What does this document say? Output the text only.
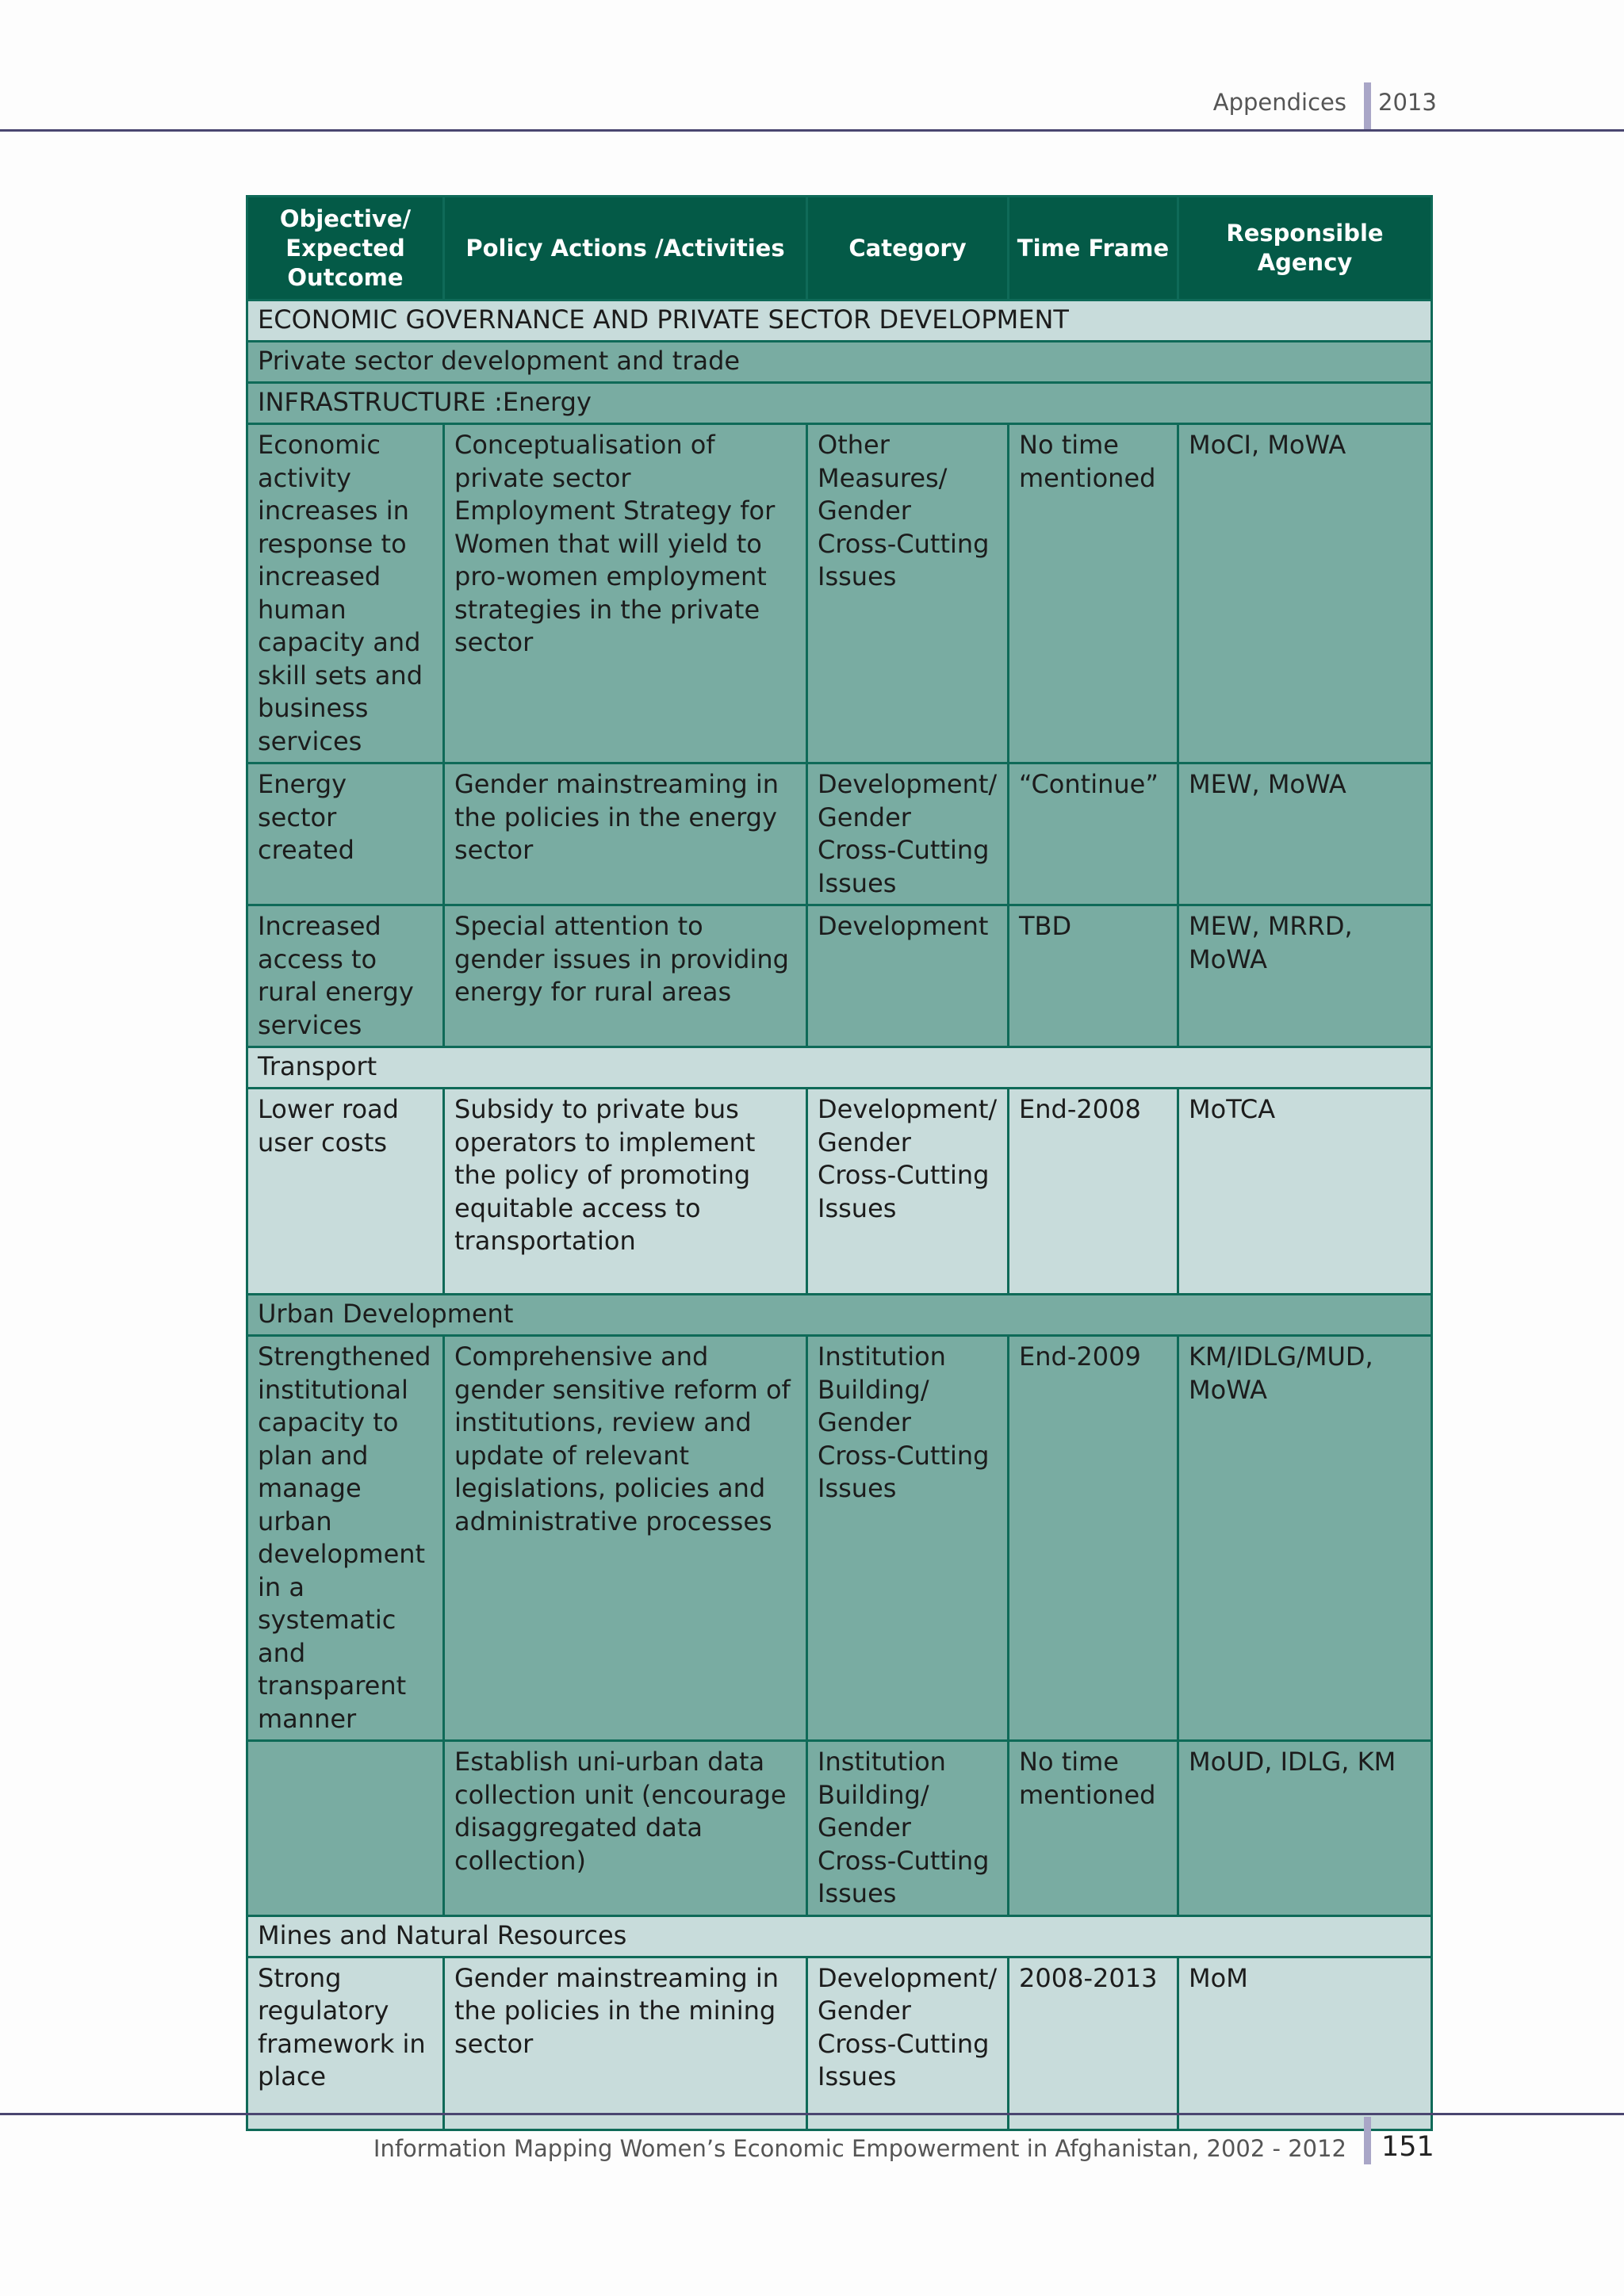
Appendices 2013
Objective/ Expected Outcome	Policy Actions /Activities	Category	Time Frame	Responsible Agency
ECONOMIC GOVERNANCE AND PRIVATE SECTOR DEVELOPMENT				
Private sector development and trade				
INFRASTRUCTURE :Energy				
Economic activity increases in response to increased human capacity and skill sets and business services	Conceptualisation of private sector Employment Strategy for Women that will yield to pro-women employment strategies in the private sector	Other Measures/ Gender Cross-Cutting Issues	No time mentioned	MoCI, MoWA
Energy sector created	Gender mainstreaming in the policies in the energy sector	Development/ Gender Cross-Cutting Issues	“Continue”	MEW, MoWA
Increased access to rural energy services	Special attention to gender issues in providing energy for rural areas	Development	TBD	MEW, MRRD, MoWA
Transport				
Lower road user costs	Subsidy to private bus operators to implement the policy of promoting equitable access to transportation	Development/ Gender Cross-Cutting Issues	End-2008	MoTCA
Urban Development				
Strengthened institutional capacity to plan and manage urban development in a systematic and transparent manner	Comprehensive and gender sensitive reform of institutions, review and update of relevant legislations, policies and administrative processes	Institution Building/ Gender Cross-Cutting Issues	End-2009	KM/IDLG/MUD, MoWA
	Establish uni-urban data collection unit (encourage disaggregated data collection)	Institution Building/ Gender Cross-Cutting Issues	No time mentioned	MoUD, IDLG, KM
Mines and Natural Resources				
Strong regulatory framework in place	Gender mainstreaming in the policies in the mining sector	Development/ Gender Cross-Cutting Issues	2008-2013	MoM
Information Mapping Women’s Economic Empowerment in Afghanistan, 2002 - 2012 151
